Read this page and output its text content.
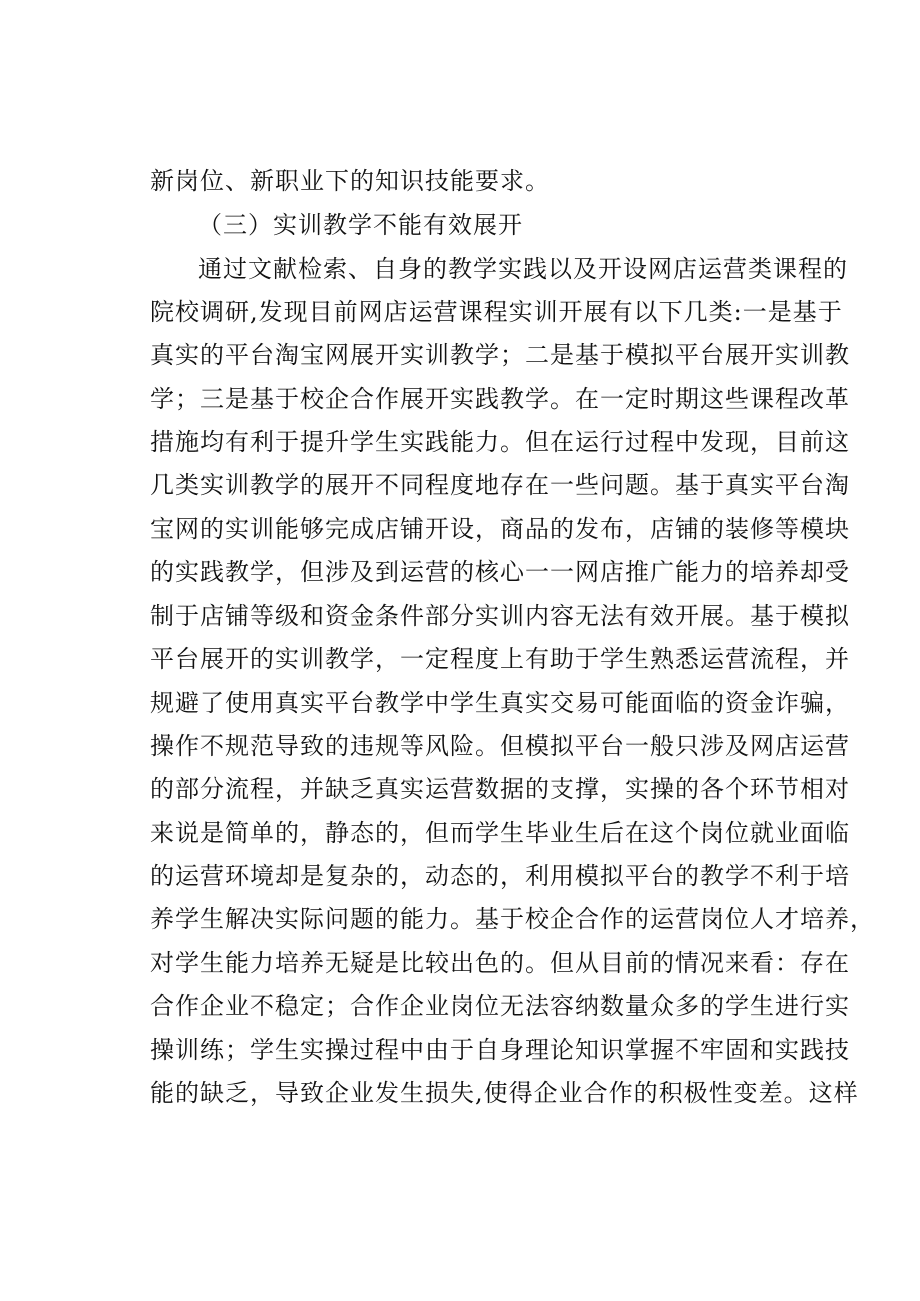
新岗位、新职业下的知识技能要求。
（三）实训教学不能有效展开
通过文献检索、自身的教学实践以及开设网店运营类课程的
院校调研,发现目前网店运营课程实训开展有以下几类:一是基于
真实的平台淘宝网展开实训教学；二是基于模拟平台展开实训教
学；三是基于校企合作展开实践教学。在一定时期这些课程改革
措施均有利于提升学生实践能力。但在运行过程中发现，目前这
几类实训教学的展开不同程度地存在一些问题。基于真实平台淘
宝网的实训能够完成店铺开设，商品的发布，店铺的装修等模块
的实践教学，但涉及到运营的核心一一网店推广能力的培养却受
制于店铺等级和资金条件部分实训内容无法有效开展。基于模拟
平台展开的实训教学，一定程度上有助于学生熟悉运营流程，并
规避了使用真实平台教学中学生真实交易可能面临的资金诈骗，
操作不规范导致的违规等风险。但模拟平台一般只涉及网店运营
的部分流程，并缺乏真实运营数据的支撑，实操的各个环节相对
来说是简单的，静态的，但而学生毕业生后在这个岗位就业面临
的运营环境却是复杂的，动态的，利用模拟平台的教学不利于培
养学生解决实际问题的能力。基于校企合作的运营岗位人才培养，
对学生能力培养无疑是比较出色的。但从目前的情况来看：存在
合作企业不稳定；合作企业岗位无法容纳数量众多的学生进行实
操训练；学生实操过程中由于自身理论知识掌握不牢固和实践技
能的缺乏，导致企业发生损失,使得企业合作的积极性变差。这样
